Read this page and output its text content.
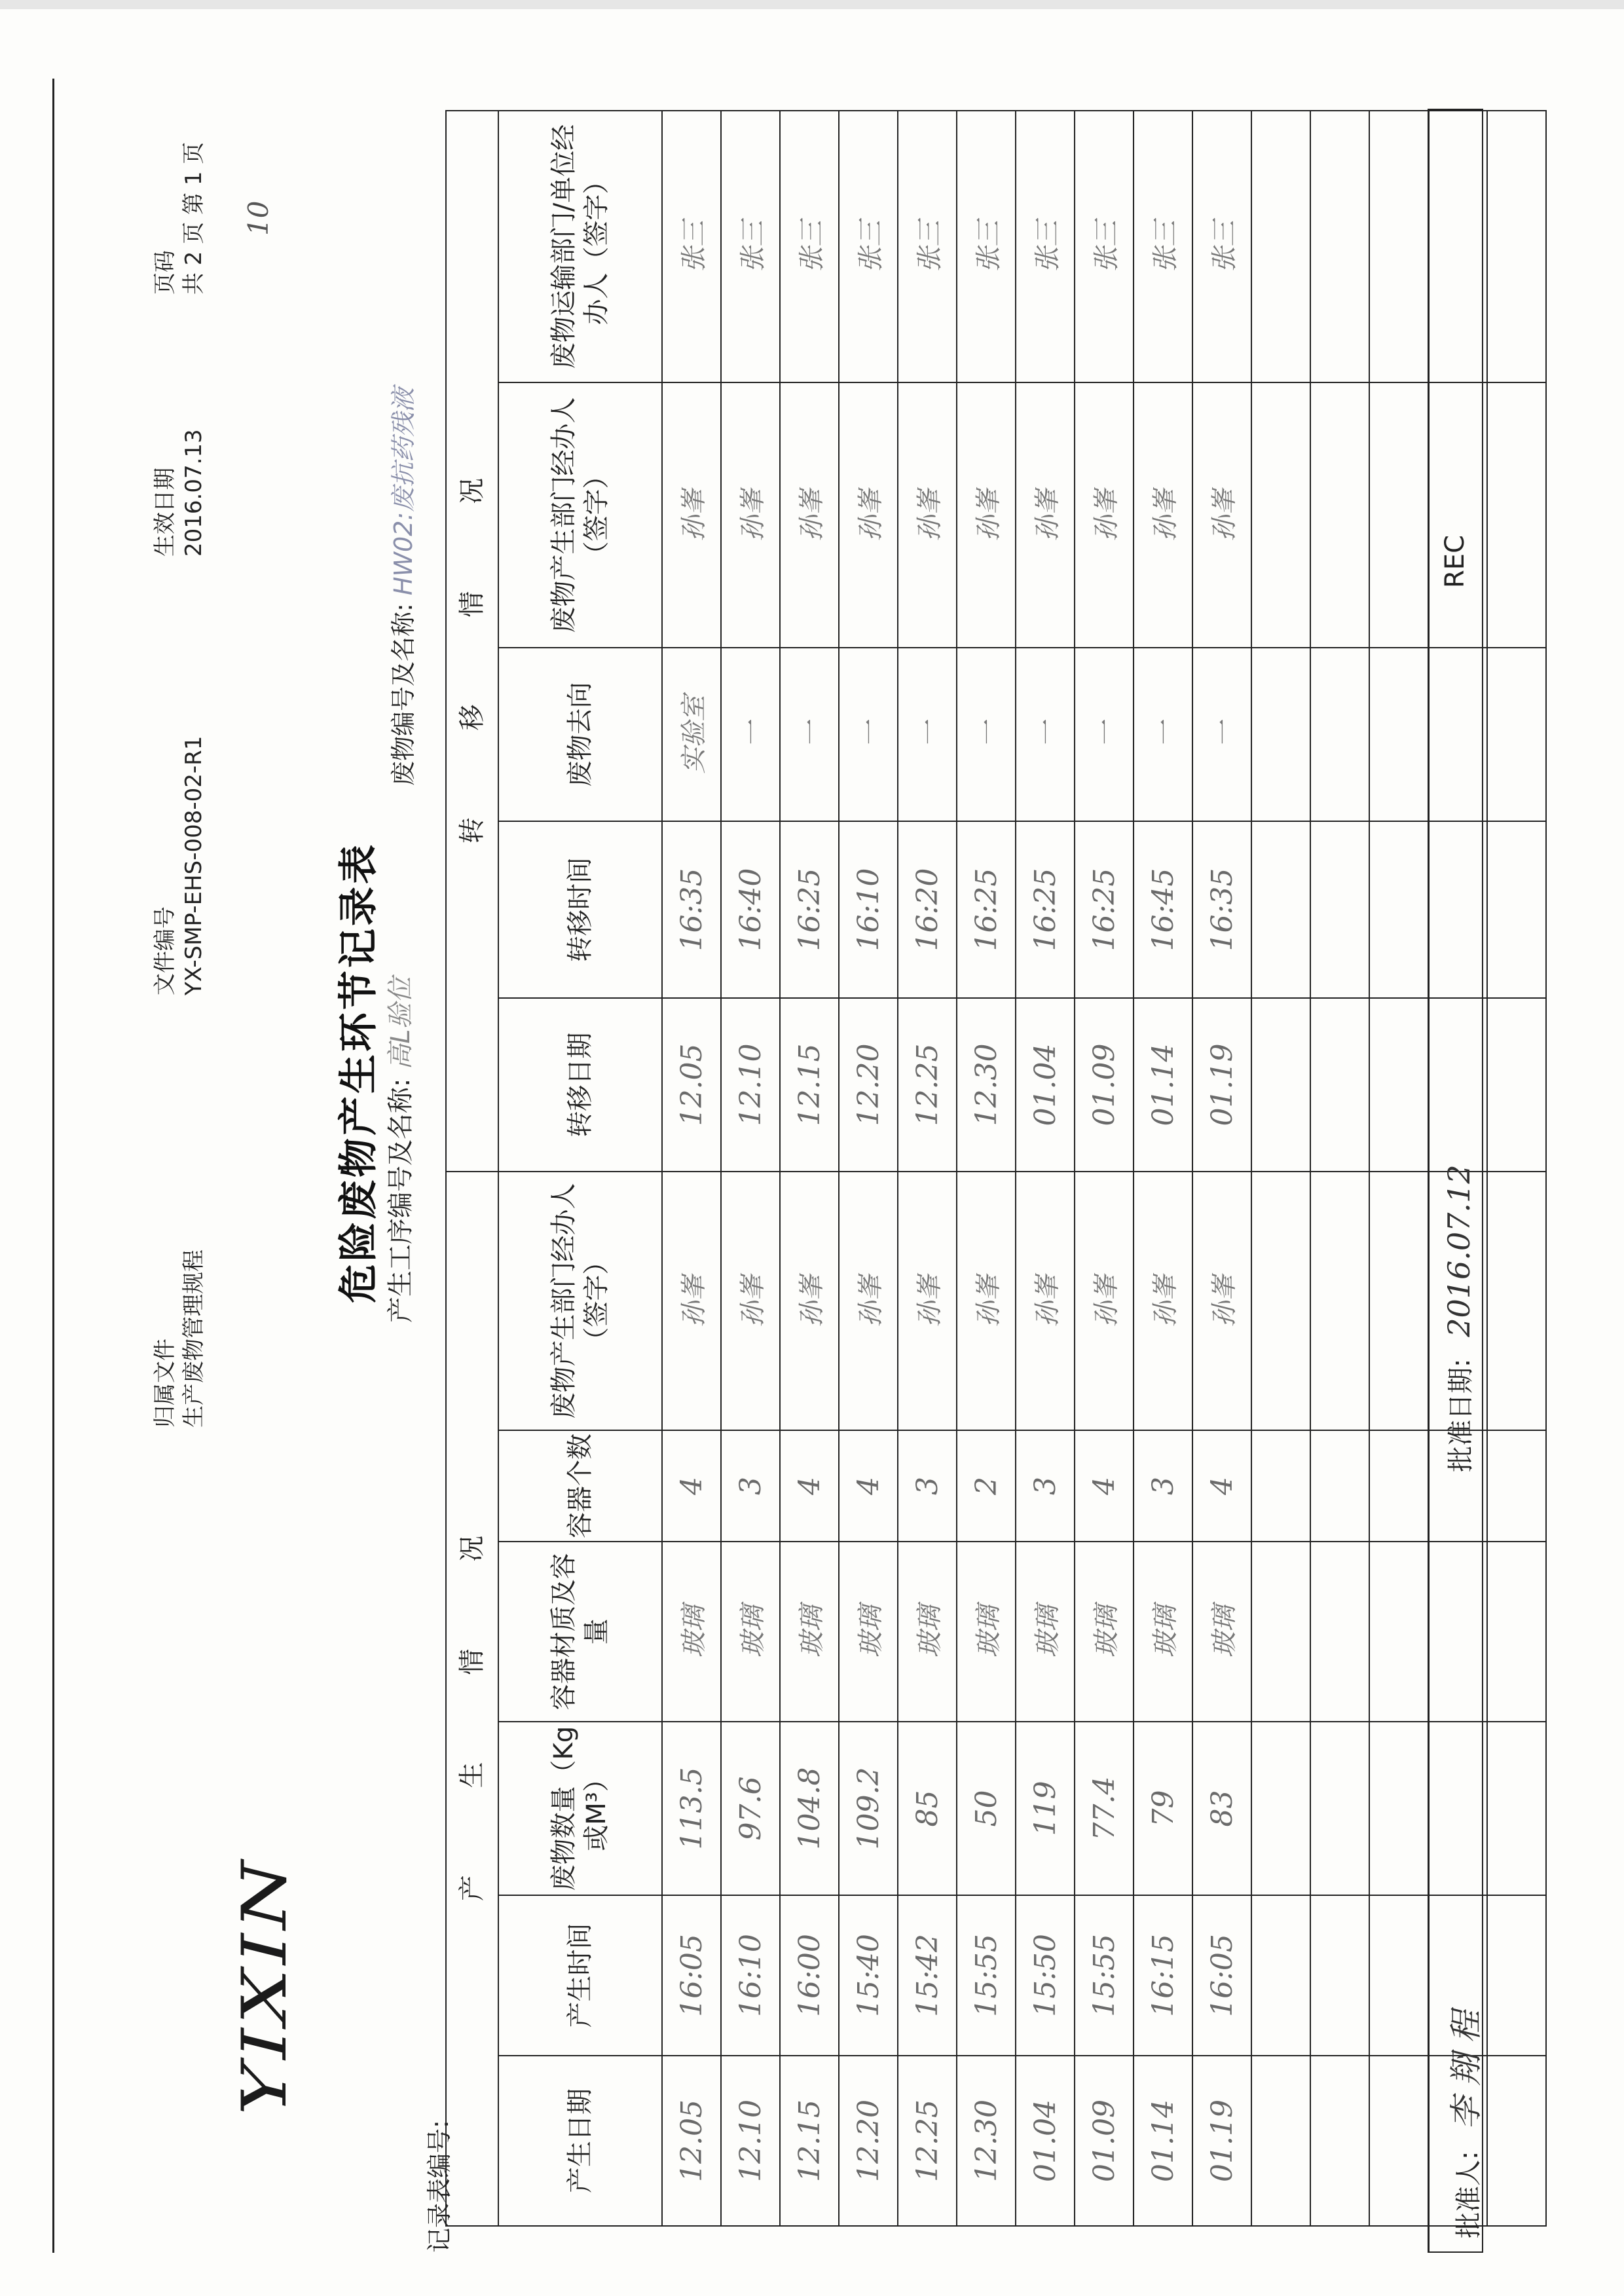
YIXIN
归属文件 生产废物管理规程
文件编号 YX-SMP-EHS-008-02-R1
生效日期 2016.07.13
页码 共 2 页 第 1 页 10
危险废物产生环节记录表
记录表编号:
产生工序编号及名称: 高L验位
废物编号及名称: HW02:废抗药残液
产 生 情 况						转 移 情 况				
产生日期	产生时间	废物数量（Kg或M³）	容器材质及容量	容器个数	废物产生部门经办人（签字）	转移日期	转移时间	废物去向	废物产生部门经办人（签字）	废物运输部门/单位经办人（签字）
12.05	16:05	113.5	玻璃	4	孙峯	12.05	16:35	实验室	孙峯	张三
12.10	16:10	97.6	玻璃	3	孙峯	12.10	16:40	一	孙峯	张三
12.15	16:00	104.8	玻璃	4	孙峯	12.15	16:25	一	孙峯	张三
12.20	15:40	109.2	玻璃	4	孙峯	12.20	16:10	一	孙峯	张三
12.25	15:42	85	玻璃	3	孙峯	12.25	16:20	一	孙峯	张三
12.30	15:55	50	玻璃	2	孙峯	12.30	16:25	一	孙峯	张三
01.04	15:50	119	玻璃	3	孙峯	01.04	16:25	一	孙峯	张三
01.09	15:55	77.4	玻璃	4	孙峯	01.09	16:25	一	孙峯	张三
01.14	16:15	79	玻璃	3	孙峯	01.14	16:45	一	孙峯	张三
01.19	16:05	83	玻璃	4	孙峯	01.19	16:35	一	孙峯	张三

批准人: 李 翔 程
批准日期: 2016.07.12
REC
